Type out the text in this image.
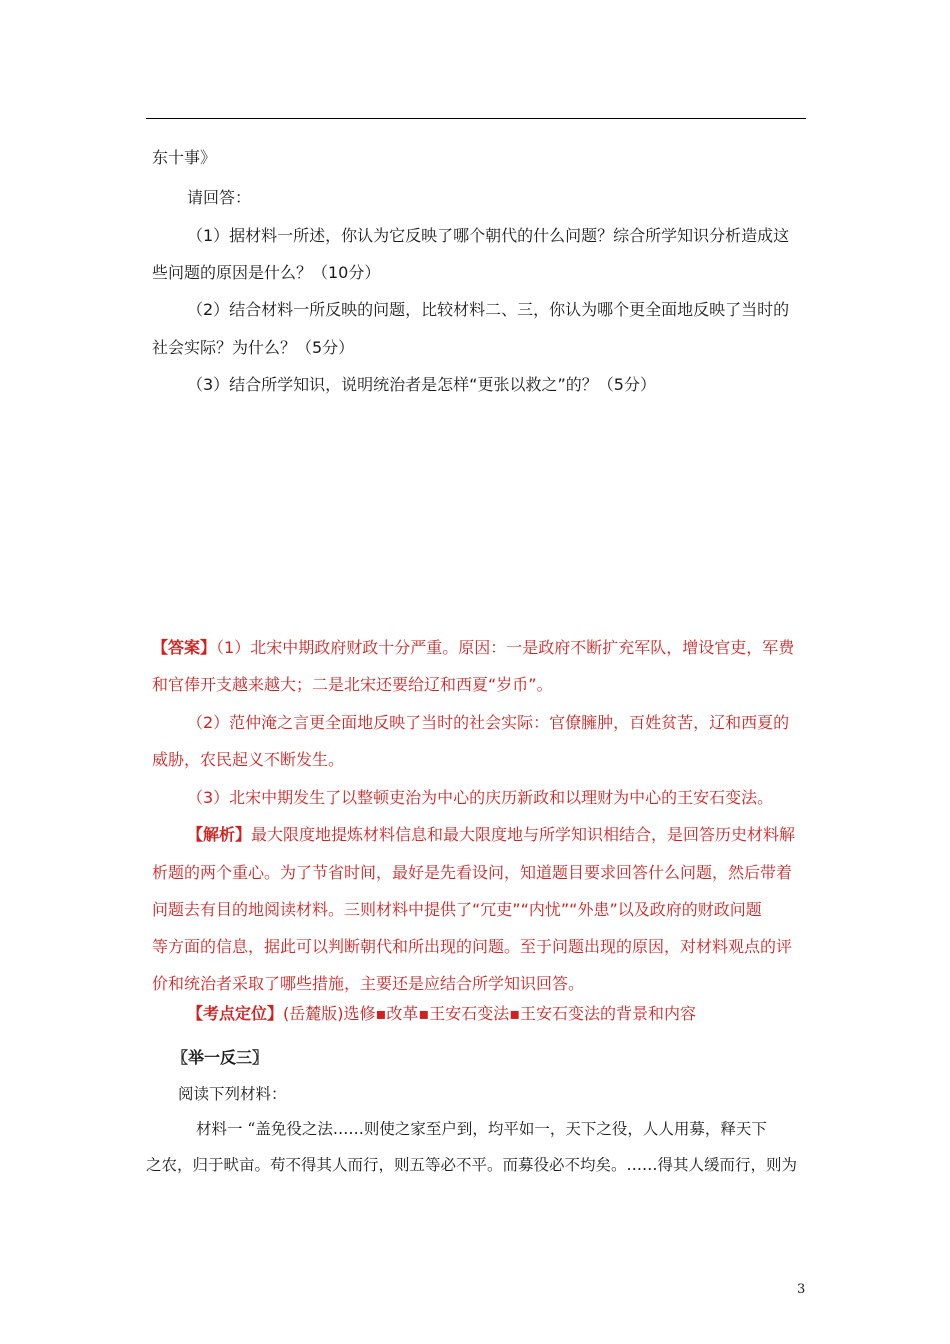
东十事》
请回答：
（1）据材料一所述，你认为它反映了哪个朝代的什么问题？综合所学知识分析造成这
些问题的原因是什么？（10分）
（2）结合材料一所反映的问题，比较材料二、三，你认为哪个更全面地反映了当时的
社会实际？为什么？（5分）
（3）结合所学知识，说明统治者是怎样“更张以救之”的？（5分）
【答案】（1）北宋中期政府财政十分严重。原因：一是政府不断扩充军队，增设官吏，军费
和官俸开支越来越大；二是北宋还要给辽和西夏“岁币”。
（2）范仲淹之言更全面地反映了当时的社会实际：官僚臃肿，百姓贫苦，辽和西夏的
威胁，农民起义不断发生。
（3）北宋中期发生了以整顿吏治为中心的庆历新政和以理财为中心的王安石变法。
【解析】最大限度地提炼材料信息和最大限度地与所学知识相结合，是回答历史材料解
析题的两个重心。为了节省时间，最好是先看设问，知道题目要求回答什么问题，然后带着
问题去有目的地阅读材料。三则材料中提供了“冗吏”“内忧”“外患”以及政府的财政问题
等方面的信息，据此可以判断朝代和所出现的问题。至于问题出现的原因，对材料观点的评
价和统治者采取了哪些措施，主要还是应结合所学知识回答。
【考点定位】(岳麓版)选修▪改革▪王安石变法▪王安石变法的背景和内容
〖举一反三〗
阅读下列材料：
材料一 “盖免役之法……则使之家至户到，均平如一，天下之役，人人用募，释天下
之农，归于畎亩。苟不得其人而行，则五等必不平。而募役必不均矣。……得其人缓而行，则为
3
